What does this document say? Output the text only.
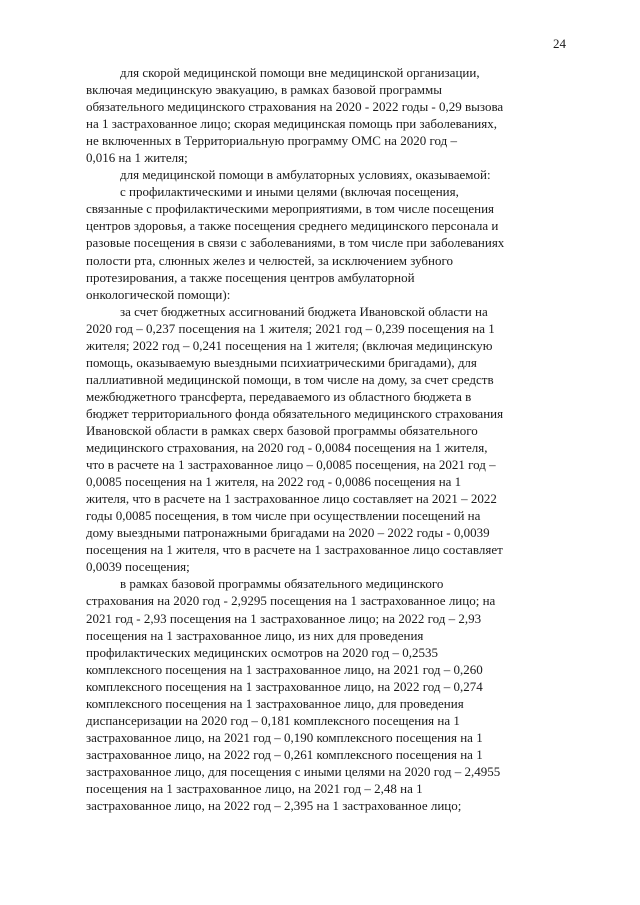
24
для скорой медицинской помощи вне медицинской организации,
включая медицинскую эвакуацию, в рамках базовой программы
обязательного медицинского страхования на 2020 - 2022 годы - 0,29 вызова
на 1 застрахованное лицо; скорая медицинская помощь при заболеваниях,
не включенных в Территориальную программу ОМС на 2020 год –
0,016 на 1 жителя;
для медицинской помощи в амбулаторных условиях, оказываемой:
с профилактическими и иными целями (включая посещения,
связанные с профилактическими мероприятиями, в том числе посещения
центров здоровья, а также посещения среднего медицинского персонала и
разовые посещения в связи с заболеваниями, в том числе при заболеваниях
полости рта, слюнных желез и челюстей, за исключением зубного
протезирования, а также посещения центров амбулаторной
онкологической помощи):
за счет бюджетных ассигнований бюджета Ивановской области на
2020 год – 0,237 посещения на 1 жителя; 2021 год – 0,239 посещения на 1
жителя; 2022 год – 0,241 посещения на 1 жителя; (включая медицинскую
помощь, оказываемую выездными психиатрическими бригадами), для
паллиативной медицинской помощи, в том числе на дому, за счет средств
межбюджетного трансферта, передаваемого из областного бюджета в
бюджет территориального фонда обязательного медицинского страхования
Ивановской области в рамках сверх базовой программы обязательного
медицинского страхования, на 2020 год - 0,0084 посещения на 1 жителя,
что в расчете на 1 застрахованное лицо – 0,0085 посещения, на 2021 год –
0,0085 посещения на 1 жителя, на 2022 год - 0,0086 посещения на 1
жителя, что в расчете на 1 застрахованное лицо составляет на 2021 – 2022
годы 0,0085 посещения, в том числе при осуществлении посещений на
дому выездными патронажными бригадами на 2020 – 2022 годы - 0,0039
посещения на 1 жителя, что в расчете на 1 застрахованное лицо составляет
0,0039 посещения;
в рамках базовой программы обязательного медицинского
страхования на 2020 год - 2,9295 посещения на 1 застрахованное лицо; на
2021 год - 2,93 посещения на 1 застрахованное лицо; на 2022 год – 2,93
посещения на 1 застрахованное лицо, из них для проведения
профилактических медицинских осмотров на 2020 год – 0,2535
комплексного посещения на 1 застрахованное лицо, на 2021 год – 0,260
комплексного посещения на 1 застрахованное лицо, на 2022 год – 0,274
комплексного посещения на 1 застрахованное лицо, для проведения
диспансеризации на 2020 год – 0,181 комплексного посещения на 1
застрахованное лицо, на 2021 год – 0,190 комплексного посещения на 1
застрахованное лицо, на 2022 год – 0,261 комплексного посещения на 1
застрахованное лицо, для посещения с иными целями на 2020 год – 2,4955
посещения на 1 застрахованное лицо, на 2021 год – 2,48 на 1
застрахованное лицо, на 2022 год – 2,395 на 1 застрахованное лицо;
